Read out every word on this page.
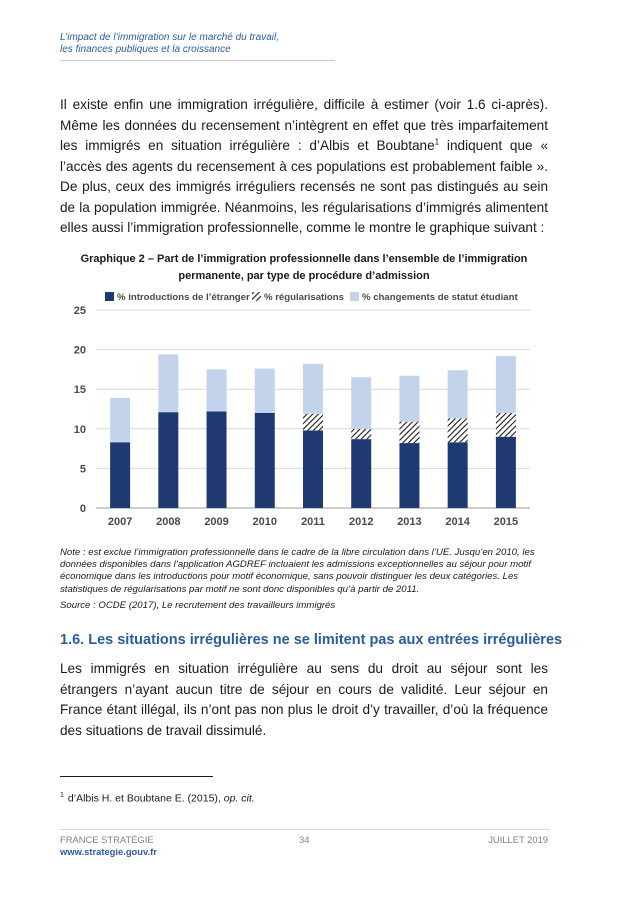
L’impact de l’immigration sur le marché du travail,
les finances publiques et la croissance

Il existe enfin une immigration irrégulière, difficile à estimer (voir 1.6 ci-après). Même les données du recensement n’intègrent en effet que très imparfaitement les immigrés en situation irrégulière : d’Albis et Boubtane$^1$ indiquent que « l’accès des agents du recensement à ces populations est probablement faible ». De plus, ceux des immigrés irréguliers recensés ne sont pas distingués au sein de la population immigrée. Néanmoins, les régularisations d’immigrés alimentent elles aussi l’immigration professionnelle, comme le montre le graphique suivant :

Graphique 2 – Part de l’immigration professionnelle dans l’ensemble de l’immigration
permanente, par type de procédure d’admission
0
5
10
15
20
25
2007 2008 2009 2010 2011 2012 2013 2014 2015
% introductions de l’étranger % régularisations % changements de statut étudiant
Note : est exclue l’immigration professionnelle dans le cadre de la libre circulation dans l’UE. Jusqu’en 2010, les données disponibles dans l’application AGDREF incluaient les admissions exceptionnelles au séjour pour motif économique dans les introductions pour motif économique, sans pouvoir distinguer les deux catégories. Les statistiques de régularisations par motif ne sont donc disponibles qu’à partir de 2011.
Source : OCDE (2017), Le recrutement des travailleurs immigrés
1.6. Les situations irrégulières ne se limitent pas aux entrées irrégulières

Les immigrés en situation irrégulière au sens du droit au séjour sont les étrangers n’ayant aucun titre de séjour en cours de validité. Leur séjour en France étant illégal, ils n’ont pas non plus le droit d’y travailler, d’où la fréquence des situations de travail dissimulé.

$^1$ d’Albis H. et Boubtane E. (2015), op. cit.
FRANCE STRATÉGIE
www.strategie.gouv.fr
34	JUILLET 2019
